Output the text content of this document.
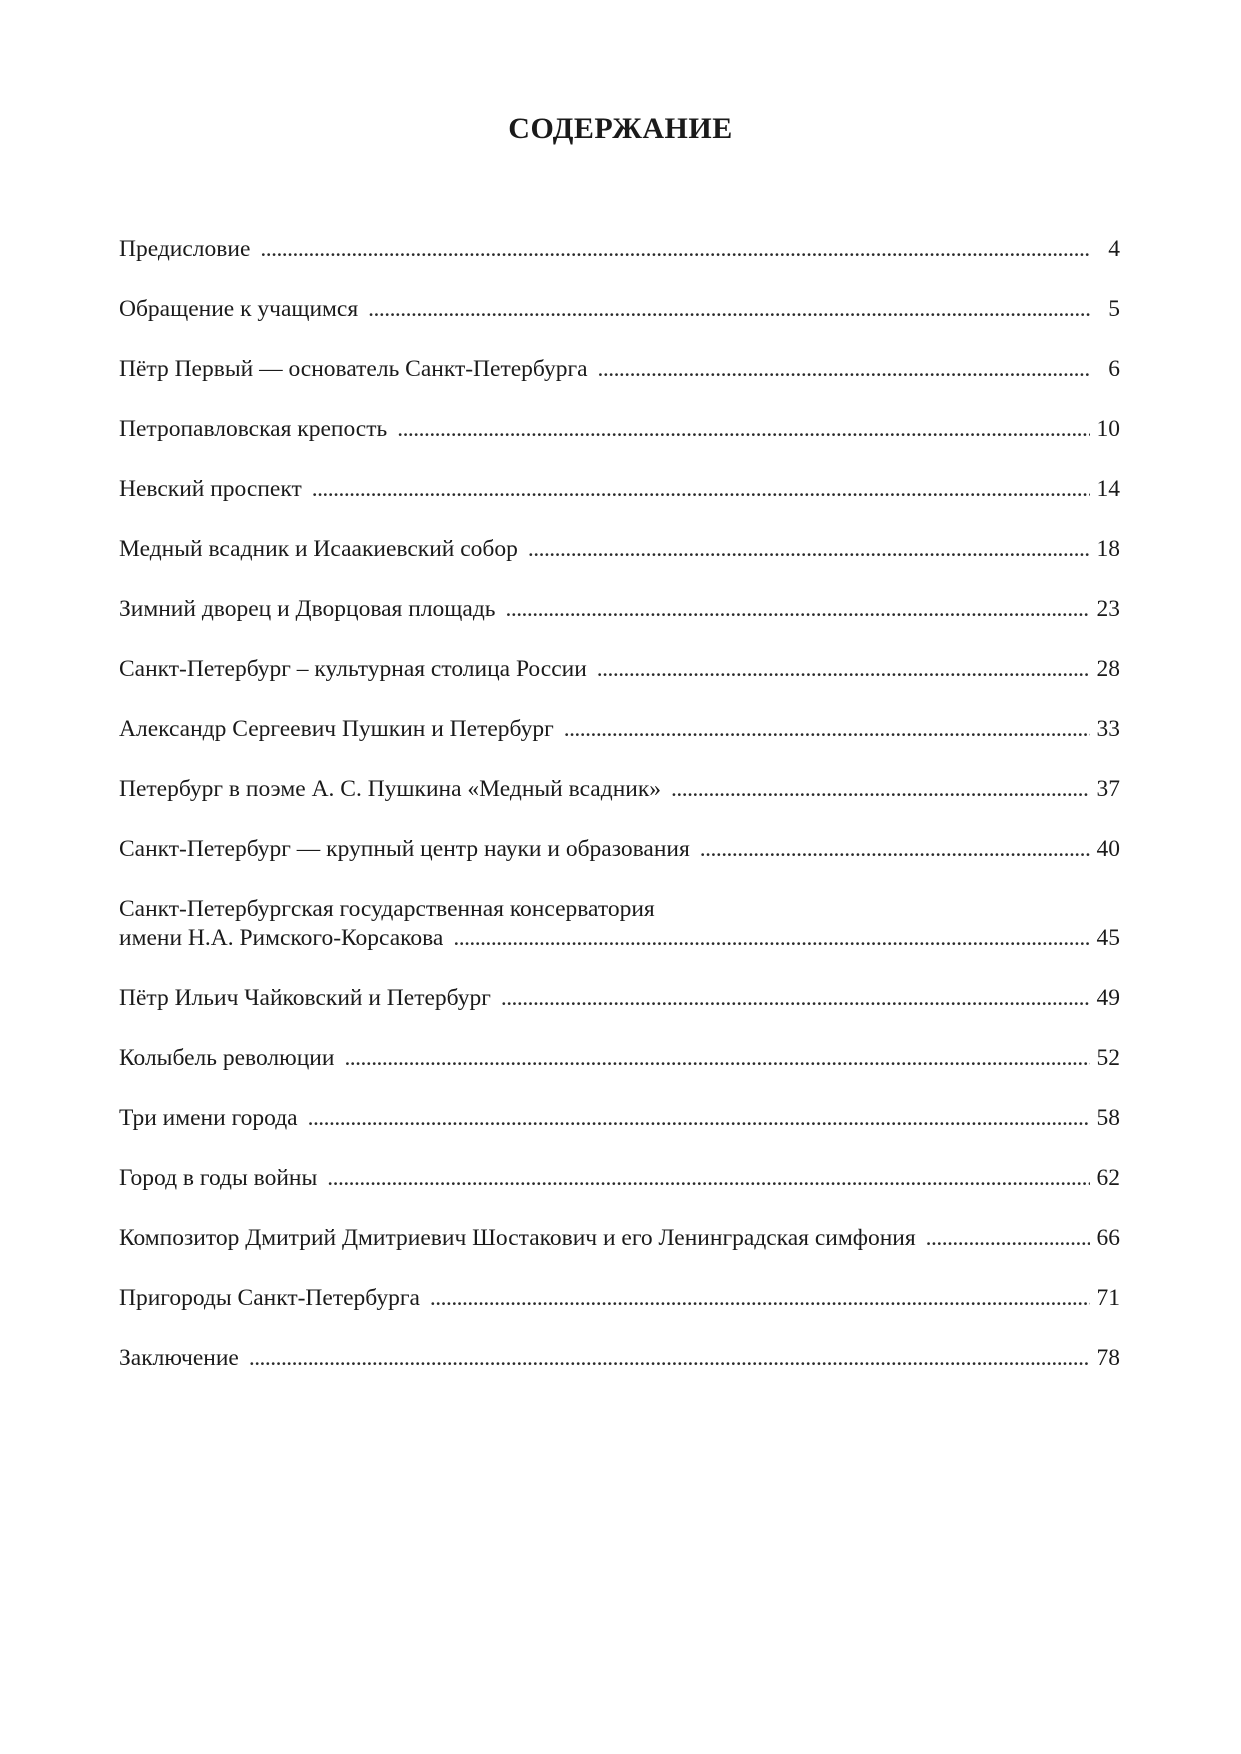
СОДЕРЖАНИЕ
Предисловие . . .	4
Обращение к учащимся . . .	5
Пётр Первый — основатель Санкт-Петербурга . . .	6
Петропавловская крепость . . .	10
Невский проспект . . .	14
Медный всадник и Исаакиевский собор . . .	18
Зимний дворец и Дворцовая площадь . . .	23
Санкт-Петербург – культурная столица России . . .	28
Александр Сергеевич Пушкин и Петербург . . .	33
Петербург в поэме А. С. Пушкина «Медный всадник» . . .	37
Санкт-Петербург — крупный центр науки и образования . . .	40
Санкт-Петербургская государственная консерватория
имени Н.А. Римского-Корсакова . . .	45
Пётр Ильич Чайковский и Петербург . . .	49
Колыбель революции . . .	52
Три имени города . . .	58
Город в годы войны . . .	62
Композитор Дмитрий Дмитриевич Шостакович и его Ленинградская симфония . . .	66
Пригороды Санкт-Петербурга . . .	71
Заключение . . .	78
